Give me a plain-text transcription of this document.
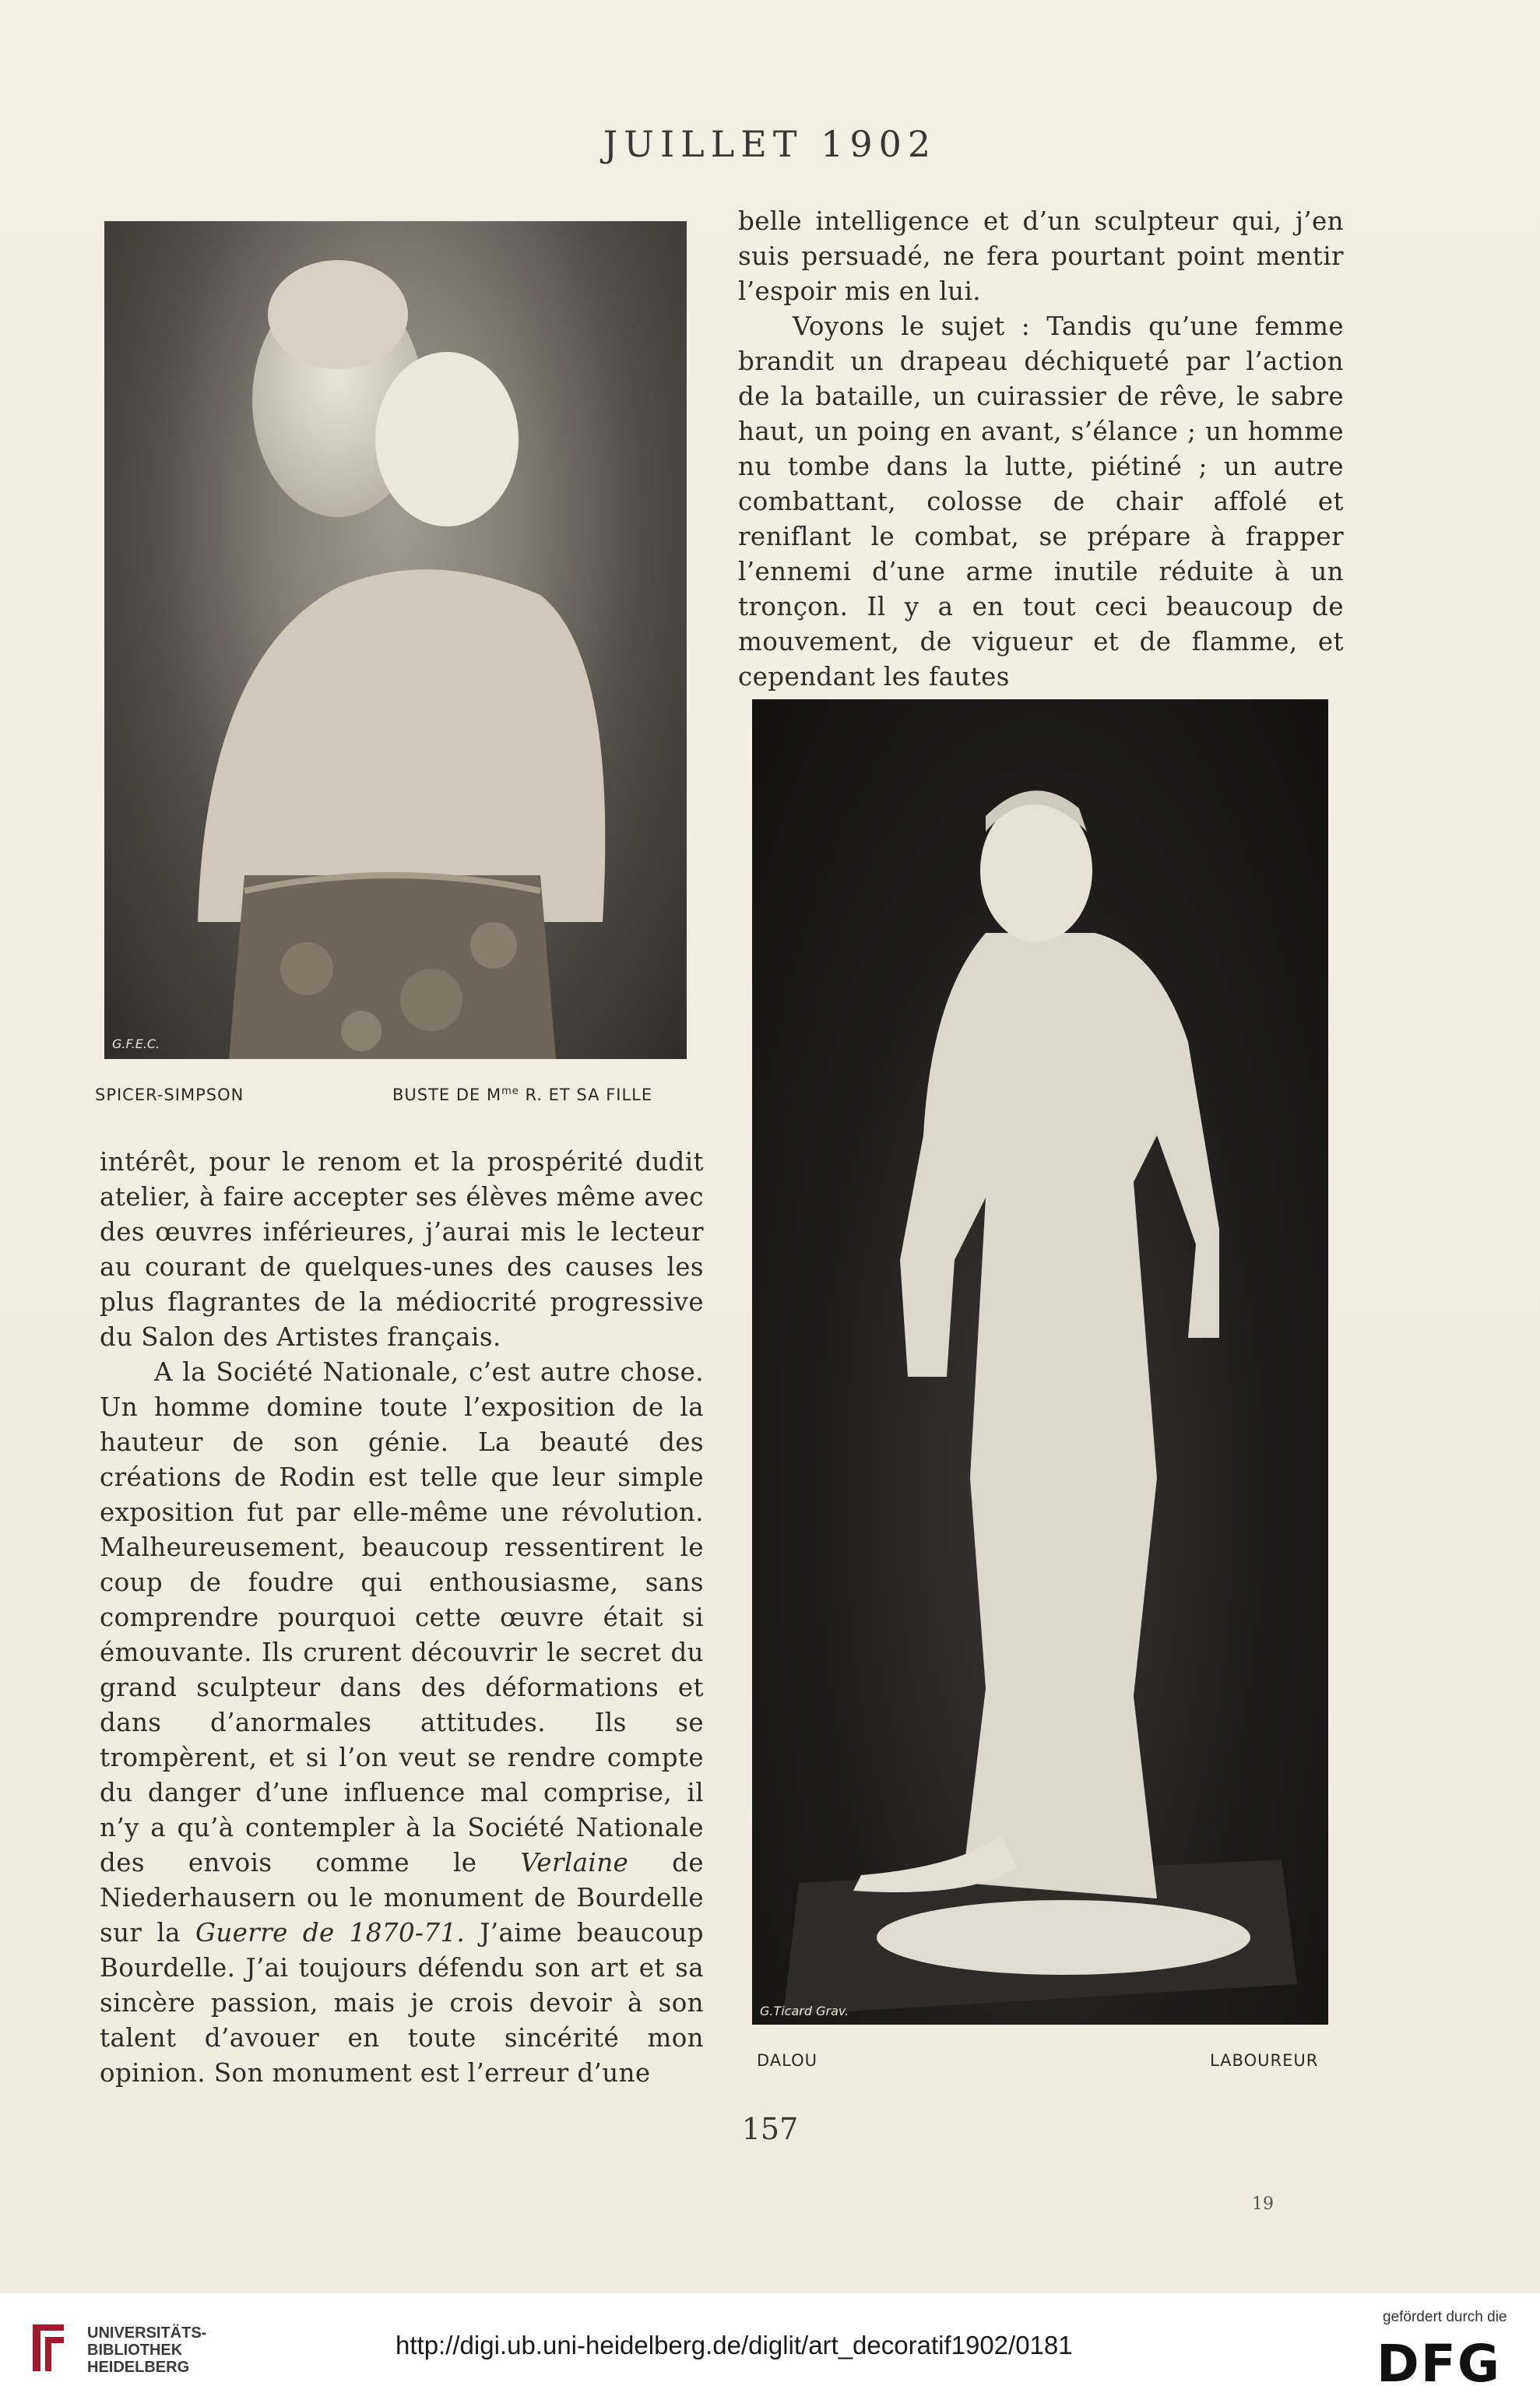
JUILLET 1902

belle intelligence et d’un sculpteur qui, j’en suis persuadé, ne fera pourtant point mentir l’espoir mis en lui.

Voyons le sujet : Tandis qu’une femme brandit un drapeau déchiqueté par l’action de la bataille, un cuirassier de rêve, le sabre haut, un poing en avant, s’élance ; un homme nu tombe dans la lutte, piétiné ; un autre combattant, colosse de chair affolé et reniflant le combat, se prépare à frapper l’ennemi d’une arme inutile réduite à un tronçon. Il y a en tout ceci beaucoup de mouvement, de vigueur et de flamme, et cependant les fautes

G.F.E.C.
SPICER-SIMPSON	BUSTE DE $M^{me}$ R. ET SA FILLE
G.Ticard Grav.
DALOU	LABOUREUR

intérêt, pour le renom et la prospérité dudit atelier, à faire accepter ses élèves même avec des œuvres inférieures, j’aurai mis le lecteur au courant de quelques-unes des causes les plus flagrantes de la médiocrité progressive du Salon des Artistes français.

A la Société Nationale, c’est autre chose. Un homme domine toute l’exposition de la hauteur de son génie. La beauté des créations de Rodin est telle que leur simple exposition fut par elle-même une révolution. Malheureusement, beaucoup ressentirent le coup de foudre qui enthousiasme, sans comprendre pourquoi cette œuvre était si émouvante. Ils crurent découvrir le secret du grand sculpteur dans des déformations et dans d’anormales attitudes. Ils se trompèrent, et si l’on veut se rendre compte du danger d’une influence mal comprise, il n’y a qu’à contempler à la Société Nationale des envois comme le Verlaine de Niederhausern ou le monument de Bourdelle sur la Guerre de 1870-71. J’aime beaucoup Bourdelle. J’ai toujours défendu son art et sa sincère passion, mais je crois devoir à son talent d’avouer en toute sincérité mon opinion. Son monument est l’erreur d’une

157
19
UNIVERSITÄTS-
BIBLIOTHEK
HEIDELBERG
http://digi.ub.uni-heidelberg.de/diglit/art_decoratif1902/0181
gefördert durch die
DFG
